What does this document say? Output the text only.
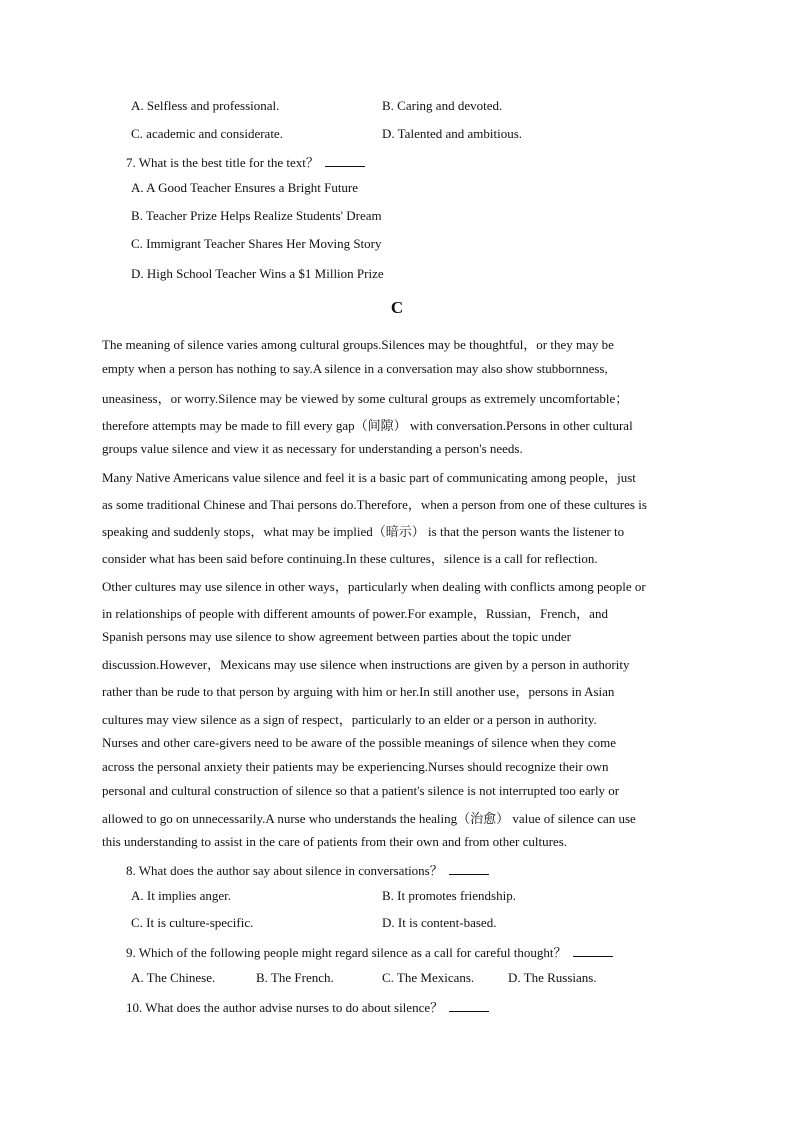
A. Selfless and professional.	B. Caring and devoted.
C. academic and considerate.	D. Talented and ambitious.
7. What is the best title for the text？
A. A Good Teacher Ensures a Bright Future
B. Teacher Prize Helps Realize Students' Dream
C. Immigrant Teacher Shares Her Moving Story
D. High School Teacher Wins a $1 Million Prize
C
The meaning of silence varies among cultural groups.Silences may be thoughtful，or they may be
empty when a person has nothing to say.A silence in a conversation may also show stubbornness,
uneasiness，or worry.Silence may be viewed by some cultural groups as extremely uncomfortable；
therefore attempts may be made to fill every gap（间隙） with conversation.Persons in other cultural
groups value silence and view it as necessary for understanding a person's needs.
Many Native Americans value silence and feel it is a basic part of communicating among people，just
as some traditional Chinese and Thai persons do.Therefore，when a person from one of these cultures is
speaking and suddenly stops，what may be implied（暗示） is that the person wants the listener to
consider what has been said before continuing.In these cultures，silence is a call for reflection.
Other cultures may use silence in other ways，particularly when dealing with conflicts among people or
in relationships of people with different amounts of power.For example，Russian，French，and
Spanish persons may use silence to show agreement between parties about the topic under
discussion.However，Mexicans may use silence when instructions are given by a person in authority
rather than be rude to that person by arguing with him or her.In still another use，persons in Asian
cultures may view silence as a sign of respect，particularly to an elder or a person in authority.
Nurses and other care-givers need to be aware of the possible meanings of silence when they come
across the personal anxiety their patients may be experiencing.Nurses should recognize their own
personal and cultural construction of silence so that a patient's silence is not interrupted too early or
allowed to go on unnecessarily.A nurse who understands the healing（治愈） value of silence can use
this understanding to assist in the care of patients from their own and from other cultures.
8. What does the author say about silence in conversations？
A. It implies anger.	B. It promotes friendship.
C. It is culture-specific.	D. It is content-based.
9. Which of the following people might regard silence as a call for careful thought？
A. The Chinese.	B. The French.	C. The Mexicans.	D. The Russians.
10. What does the author advise nurses to do about silence？
